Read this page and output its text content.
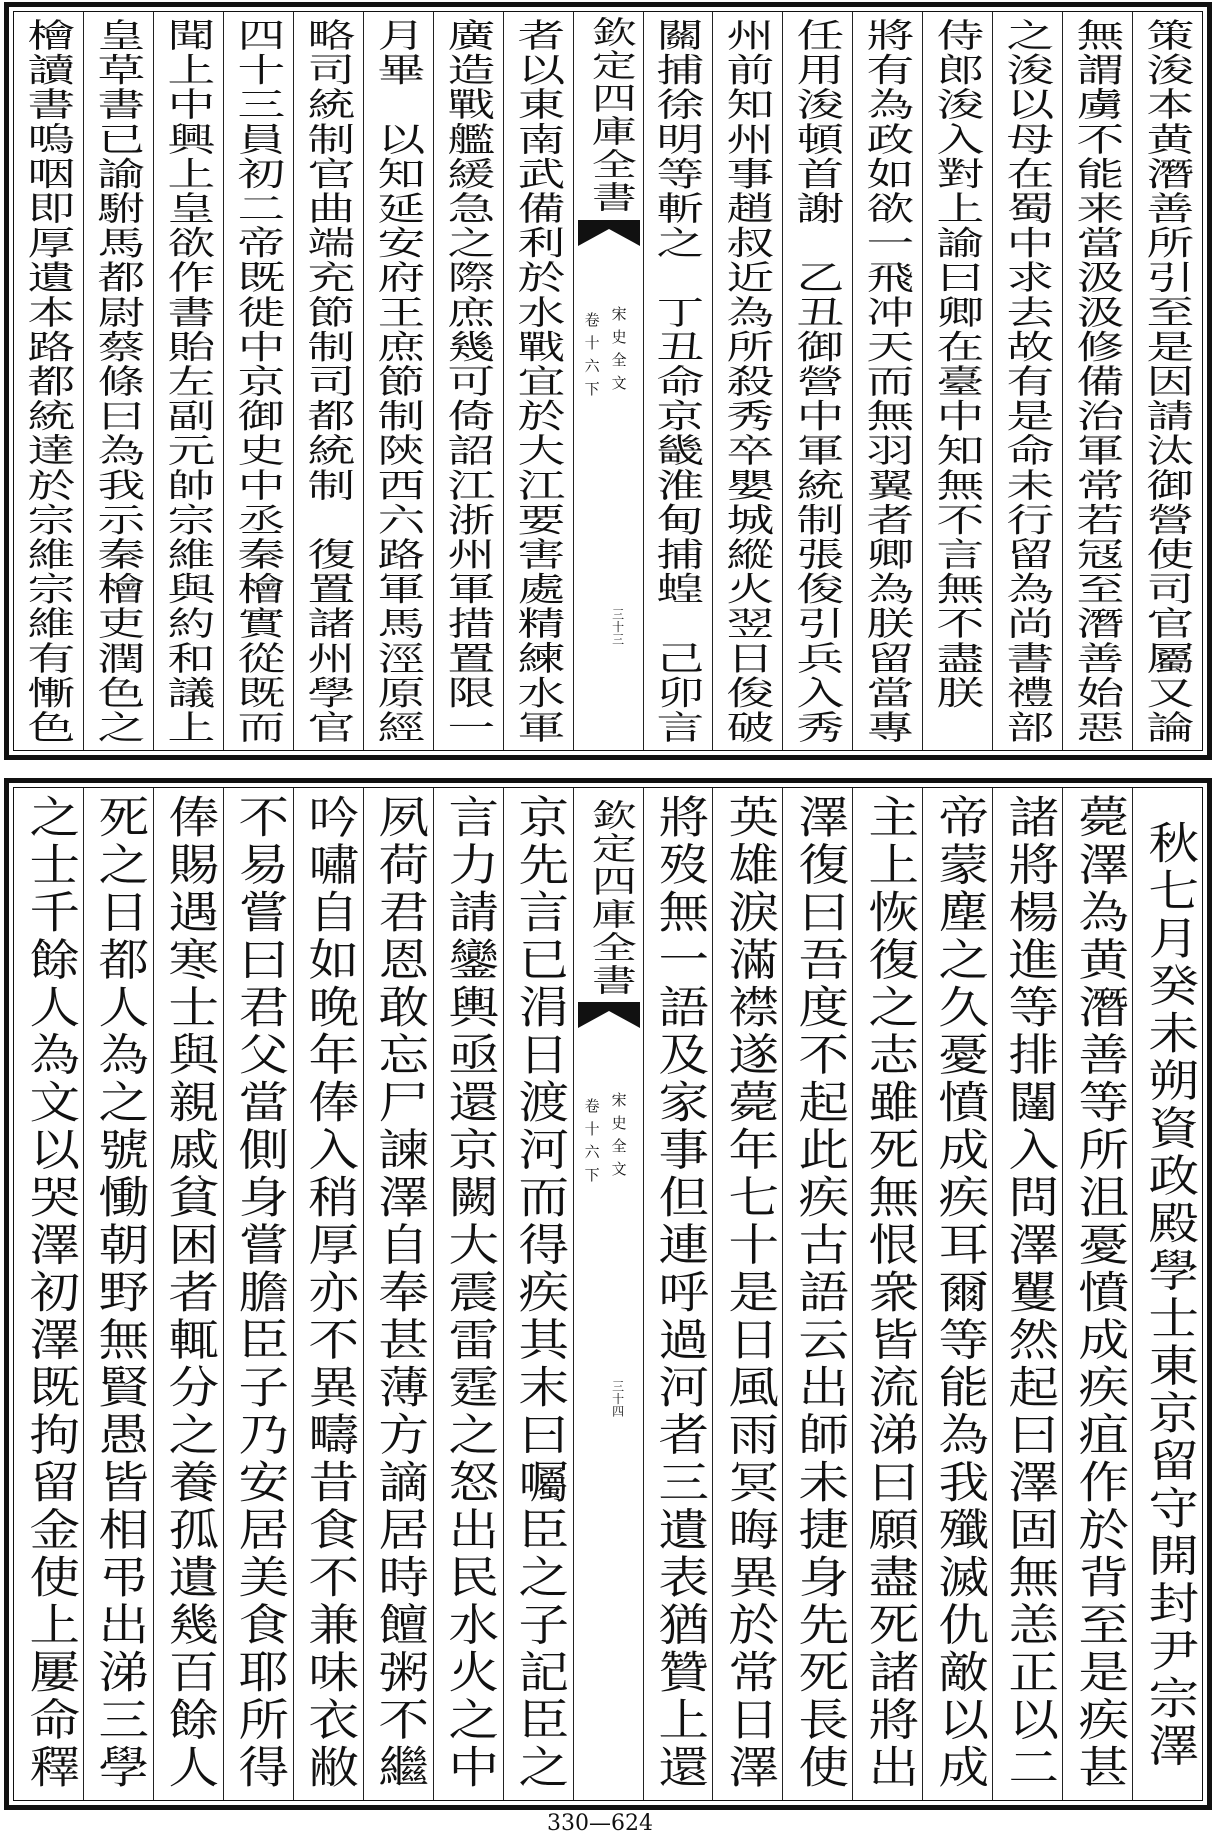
策浚本黄潛善所引至是因請汰御營使司官屬又論
無謂虜不能来當汲汲修備治軍常若冦至潛善始惡
之浚以母在蜀中求去故有是命未行留為尚書禮部
侍郎浚入對上諭曰卿在臺中知無不言無不盡朕
將有為政如欲一飛冲天而無羽翼者卿為朕留當專
任用浚頓首謝　乙丑御營中軍統制張俊引兵入秀
州前知州事趙叔近為所殺秀卒嬰城縱火翌日俊破
關捕徐明等斬之　丁丑命京畿淮甸捕蝗　己卯言
欽定四庫全書
宋史全文
卷十六下
三十三
者以東南武備利於水戰宜於大江要害處精練水軍
廣造戰艦緩急之際庶幾可倚詔江浙州軍措置限一
月畢　以知延安府王庶節制陝西六路軍馬涇原經
略司統制官曲端充節制司都統制　復置諸州學官
四十三員初二帝既徙中京御史中丞秦檜實從既而
聞上中興上皇欲作書貽左副元帥宗維與約和議上
皇草書已諭駙馬都尉蔡條曰為我示秦檜吏潤色之
檜讀書嗚咽即厚遺本路都統達於宗維宗維有慚色
秋七月癸未朔資政殿學士東京留守開封尹宗澤
薨澤為黄潛善等所沮憂憤成疾疽作於背至是疾甚
諸將楊進等排闥入問澤矍然起曰澤固無恙正以二
帝蒙塵之久憂憤成疾耳爾等能為我殲滅仇敵以成
主上恢復之志雖死無恨衆皆流涕曰願盡死諸將出
澤復曰吾度不起此疾古語云出師未捷身先死長使
英雄淚滿襟遂薨年七十是日風雨冥晦異於常日澤
將歿無一語及家事但連呼過河者三遺表猶贊上還
欽定四庫全書
宋史全文
卷十六下
三十四
京先言已涓日渡河而得疾其末曰囑臣之子記臣之
言力請鑾輿亟還京闕大震雷霆之怒出民水火之中
夙荷君恩敢忘尸諫澤自奉甚薄方謫居時饘粥不繼
吟嘯自如晚年俸入稍厚亦不異疇昔食不兼味衣敝
不易嘗曰君父當側身嘗膽臣子乃安居美食耶所得
俸賜遇寒士與親戚貧困者輒分之養孤遺幾百餘人
死之日都人為之號慟朝野無賢愚皆相弔出涕三學
之士千餘人為文以哭澤初澤既拘留金使上屢命釋
330—624
